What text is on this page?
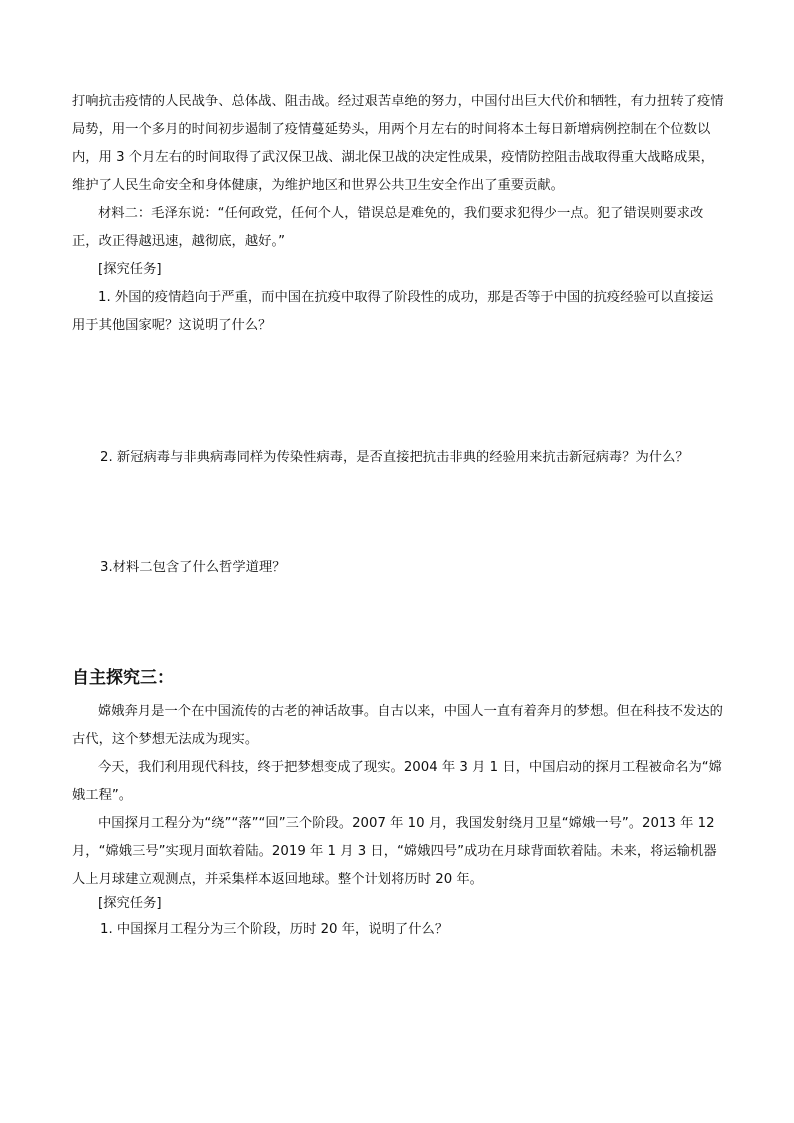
打响抗击疫情的人民战争、总体战、阻击战。经过艰苦卓绝的努力，中国付出巨大代价和牺牲，有力扭转了疫情局势，用一个多月的时间初步遏制了疫情蔓延势头，用两个月左右的时间将本土每日新增病例控制在个位数以内，用 3 个月左右的时间取得了武汉保卫战、湖北保卫战的决定性成果，疫情防控阻击战取得重大战略成果，维护了人民生命安全和身体健康，为维护地区和世界公共卫生安全作出了重要贡献。

材料二：毛泽东说：“任何政党，任何个人，错误总是难免的，我们要求犯得少一点。犯了错误则要求改正，改正得越迅速，越彻底，越好。”

[探究任务]

1. 外国的疫情趋向于严重，而中国在抗疫中取得了阶段性的成功，那是否等于中国的抗疫经验可以直接运用于其他国家呢？这说明了什么？

2. 新冠病毒与非典病毒同样为传染性病毒，是否直接把抗击非典的经验用来抗击新冠病毒？为什么？

3.材料二包含了什么哲学道理？

自主探究三：

嫦娥奔月是一个在中国流传的古老的神话故事。自古以来，中国人一直有着奔月的梦想。但在科技不发达的古代，这个梦想无法成为现实。

今天，我们利用现代科技，终于把梦想变成了现实。2004 年 3 月 1 日，中国启动的探月工程被命名为“嫦娥工程”。

中国探月工程分为“绕”“落”“回”三个阶段。2007 年 10 月，我国发射绕月卫星“嫦娥一号”。2013 年 12 月，“嫦娥三号”实现月面软着陆。2019 年 1 月 3 日，“嫦娥四号”成功在月球背面软着陆。未来，将运输机器人上月球建立观测点，并采集样本返回地球。整个计划将历时 20 年。

[探究任务]

1. 中国探月工程分为三个阶段，历时 20 年，说明了什么？
